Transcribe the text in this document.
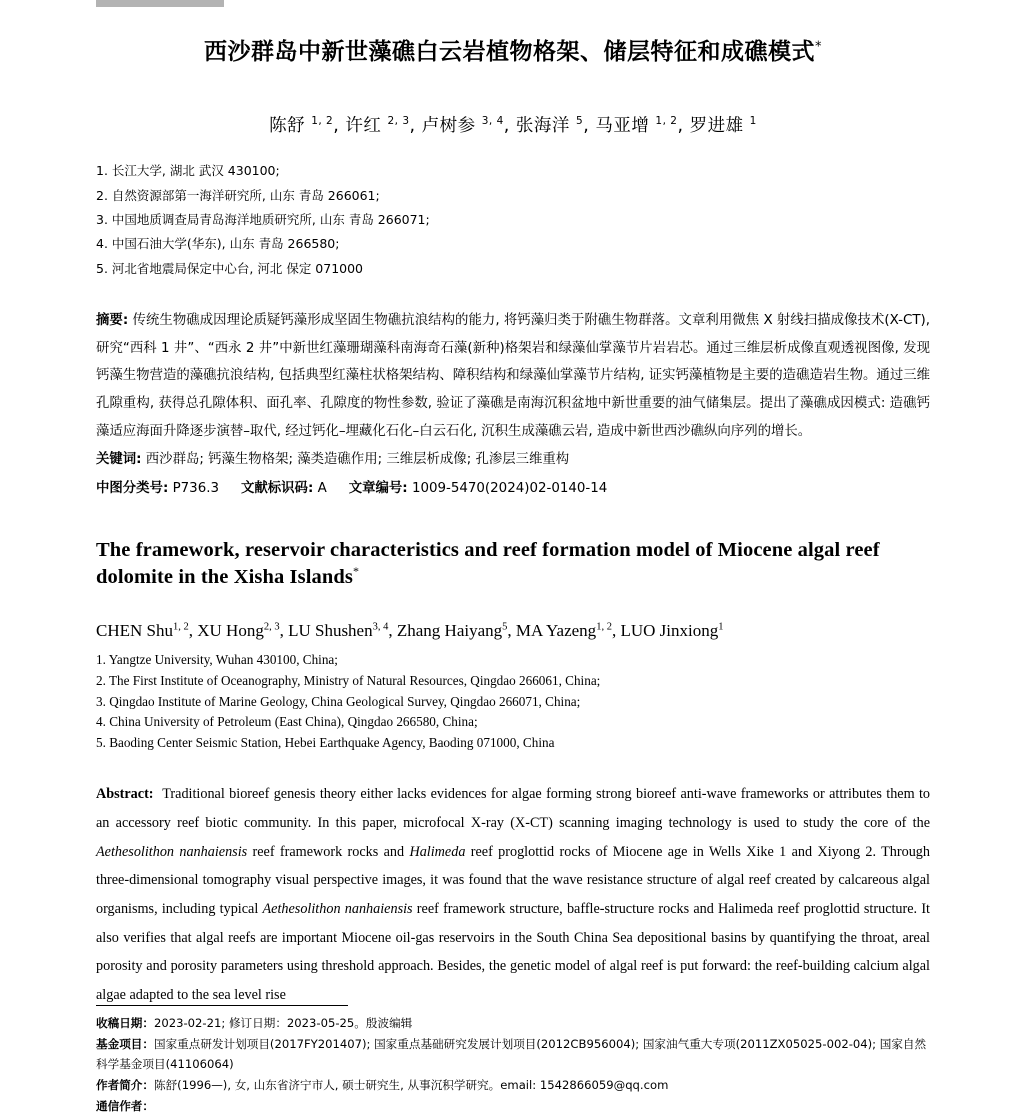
西沙群岛中新世藻礁白云岩植物格架、储层特征和成礁模式*
陈舒 $^{1, 2}$, 许红 $^{2, 3}$, 卢树参 $^{3, 4}$, 张海洋 $^5$, 马亚增 $^{1, 2}$, 罗进雄 $^1$
1. 长江大学, 湖北 武汉 430100;
2. 自然资源部第一海洋研究所, 山东 青岛 266061;
3. 中国地质调查局青岛海洋地质研究所, 山东 青岛 266071;
4. 中国石油大学(华东), 山东 青岛 266580;
5. 河北省地震局保定中心台, 河北 保定 071000
摘要: 传统生物礁成因理论质疑钙藻形成坚固生物礁抗浪结构的能力, 将钙藻归类于附礁生物群落。文章利用微焦 X 射线扫描成像技术(X-CT), 研究“西科 1 井”、“西永 2 井”中新世红藻珊瑚藻科南海奇石藻(新种)格架岩和绿藻仙掌藻节片岩岩芯。通过三维层析成像直观透视图像, 发现钙藻生物营造的藻礁抗浪结构, 包括典型红藻柱状格架结构、障积结构和绿藻仙掌藻节片结构, 证实钙藻植物是主要的造礁造岩生物。通过三维孔隙重构, 获得总孔隙体积、面孔率、孔隙度的物性参数, 验证了藻礁是南海沉积盆地中新世重要的油气储集层。提出了藻礁成因模式: 造礁钙藻适应海面升降逐步演替–取代, 经过钙化–埋藏化石化–白云石化, 沉积生成藻礁云岩, 造成中新世西沙礁纵向序列的增长。
关键词: 西沙群岛; 钙藻生物格架; 藻类造礁作用; 三维层析成像; 孔渗层三维重构
中图分类号: P736.3 文献标识码: A 文章编号: 1009-5470(2024)02-0140-14
The framework, reservoir characteristics and reef formation model of Miocene algal reef dolomite in the Xisha Islands*
CHEN Shu$^{1, 2}$, XU Hong$^{2, 3}$, LU Shushen$^{3, 4}$, Zhang Haiyang$^5$, MA Yazeng$^{1, 2}$, LUO Jinxiong$^1$
1. Yangtze University, Wuhan 430100, China;
2. The First Institute of Oceanography, Ministry of Natural Resources, Qingdao 266061, China;
3. Qingdao Institute of Marine Geology, China Geological Survey, Qingdao 266071, China;
4. China University of Petroleum (East China), Qingdao 266580, China;
5. Baoding Center Seismic Station, Hebei Earthquake Agency, Baoding 071000, China
Abstract: Traditional bioreef genesis theory either lacks evidences for algae forming strong bioreef anti-wave frameworks or attributes them to an accessory reef biotic community. In this paper, microfocal X-ray (X-CT) scanning imaging technology is used to study the core of the Aethesolithon nanhaiensis reef framework rocks and Halimeda reef proglottid rocks of Miocene age in Wells Xike 1 and Xiyong 2. Through three-dimensional tomography visual perspective images, it was found that the wave resistance structure of algal reef created by calcareous algal organisms, including typical Aethesolithon nanhaiensis reef framework structure, baffle-structure rocks and Halimeda reef proglottid structure. It also verifies that algal reefs are important Miocene oil-gas reservoirs in the South China Sea depositional basins by quantifying the throat, areal porosity and porosity parameters using threshold approach. Besides, the genetic model of algal reef is put forward: the reef-building calcium algal algae adapted to the sea level rise
收稿日期：2023-02-21; 修订日期：2023-05-25。殷波编辑
基金项目：国家重点研发计划项目(2017FY201407); 国家重点基础研究发展计划项目(2012CB956004); 国家油气重大专项(2011ZX05025-002-04); 国家自然科学基金项目(41106064)
作者简介：陈舒(1996—), 女, 山东省济宁市人, 硕士研究生, 从事沉积学研究。email: 1542866059@qq.com
通信作者：
